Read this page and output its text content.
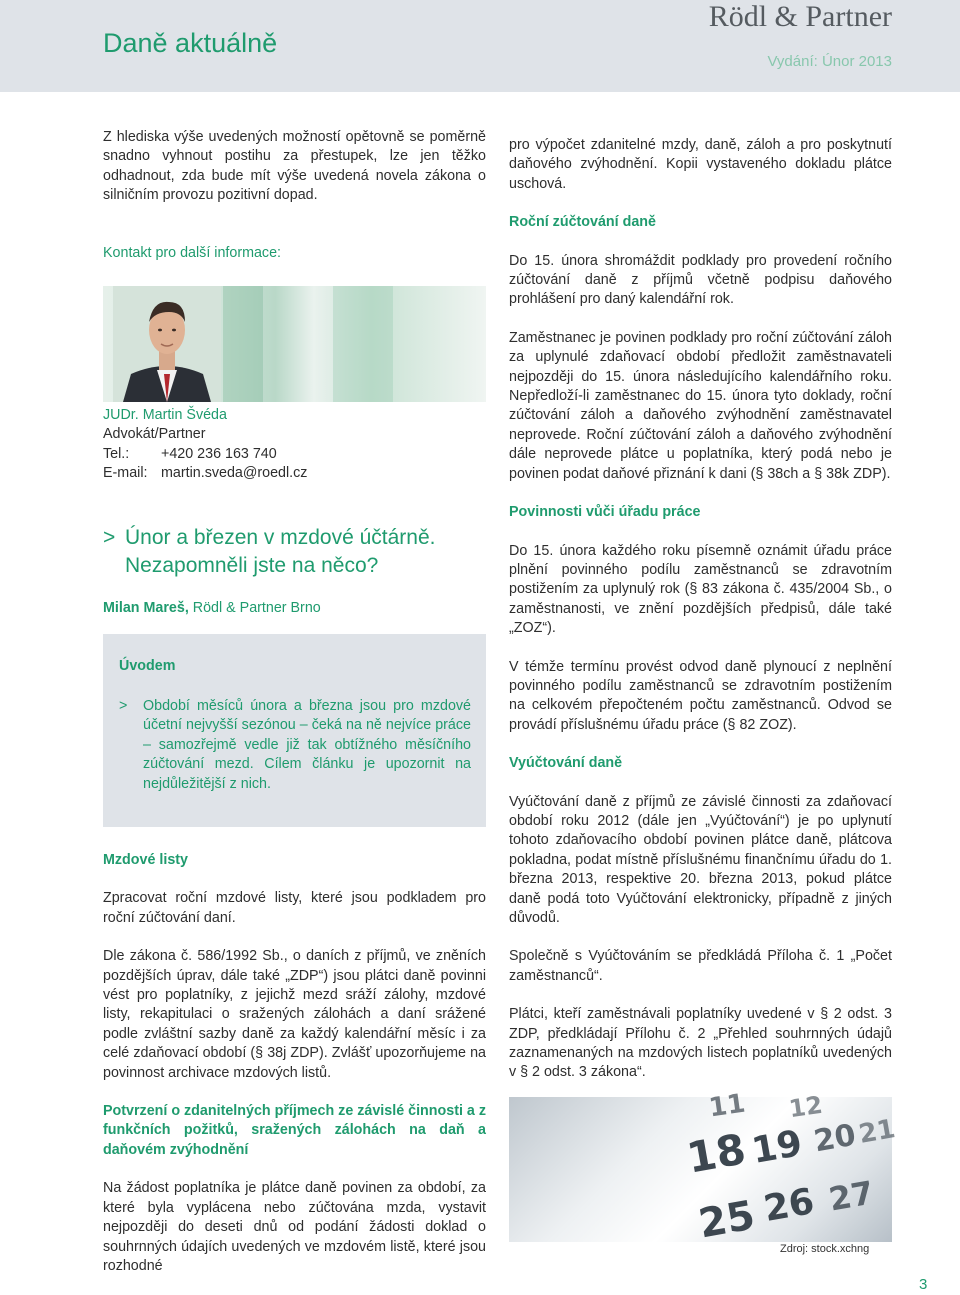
Daně aktuálně
Rödl & Partner
Vydání: Únor 2013

Z hlediska výše uvedených možností opětovně se poměrně snadno vyhnout postihu za přestupek, lze jen těžko odhadnout, zda bude mít výše uvedená novela zákona o silničním provozu pozitivní dopad.

Kontakt pro další informace:

JUDr. Martin Švéda
Advokát/Partner
Tel.: +420 236 163 740
E-mail: martin.sveda@roedl.cz
> Únor a březen v mzdové účtárně.
Nezapomněli jste na něco?
Milan Mareš, Rödl & Partner Brno
Úvodem
>	Období měsíců února a března jsou pro mzdové účetní nejvyšší sezónou – čeká na ně nejvíce práce – samozřejmě vedle již tak obtížného měsíčního zúčtování mezd. Cílem článku je upozornit na nejdůležitější z nich.

Mzdové listy

Zpracovat roční mzdové listy, které jsou podkladem pro roční zúčtování daní.

Dle zákona č. 586/1992 Sb., o daních z příjmů, ve zněních pozdějších úprav, dále také „ZDP“) jsou plátci daně povinni vést pro poplatníky, z jejichž mezd sráží zálohy, mzdové listy, rekapitulaci o sražených zálohách a daní srážené podle zvláštní sazby daně za každý kalendářní měsíc i za celé zdaňovací období (§ 38j ZDP). Zvlášť upozorňujeme na povinnost archivace mzdových listů.

Potvrzení o zdanitelných příjmech ze závislé činnosti a z funkčních požitků, sražených zálohách na daň a daňovém zvýhodnění

Na žádost poplatníka je plátce daně povinen za období, za které byla vyplácena nebo zúčtována mzda, vystavit nejpozději do deseti dnů od podání žádosti doklad o souhrnných údajích uvedených ve mzdovém listě, které jsou rozhodné

pro výpočet zdanitelné mzdy, daně, záloh a pro poskytnutí daňového zvýhodnění. Kopii vystaveného dokladu plátce uschová.

Roční zúčtování daně

Do 15. února shromáždit podklady pro provedení ročního zúčtování daně z příjmů včetně podpisu daňového prohlášení pro daný kalendářní rok.

Zaměstnanec je povinen podklady pro roční zúčtování záloh za uplynulé zdaňovací období předložit zaměstnavateli nejpozději do 15. února následujícího kalendářního roku. Nepředloží-li zaměstnanec do 15. února tyto doklady, roční zúčtování záloh a daňového zvýhodnění zaměstnavatel neprovede. Roční zúčtování záloh a daňového zvýhodnění dále neprovede plátce u poplatníka, který podá nebo je povinen podat daňové přiznání k dani (§ 38ch a § 38k ZDP).

Povinnosti vůči úřadu práce

Do 15. února každého roku písemně oznámit úřadu práce plnění povinného podílu zaměstnanců se zdravotním postižením za uplynulý rok (§ 83 zákona č. 435/2004 Sb., o zaměstnanosti, ve znění pozdějších předpisů, dále také „ZOZ“).

V témže termínu provést odvod daně plynoucí z neplnění povinného podílu zaměstnanců se zdravotním postižením na celkovém přepočteném počtu zaměstnanců. Odvod se provádí příslušnému úřadu práce (§ 82 ZOZ).

Vyúčtování daně

Vyúčtování daně z příjmů ze závislé činnosti za zdaňovací období roku 2012 (dále jen „Vyúčtování“) je po uplynutí tohoto zdaňovacího období povinen plátce daně, plátcova pokladna, podat místně příslušnému finančnímu úřadu do 1. března 2013, respektive 20. března 2013, pokud plátce daně podá toto Vyúčtování elektronicky, případně z jiných důvodů.

Společně s Vyúčtováním se předkládá Příloha č. 1 „Počet zaměstnanců“.

Plátci, kteří zaměstnávali poplatníky uvedené v § 2 odst. 3 ZDP, předkládají Přílohu č. 2 „Přehled souhrnných údajů zaznamenaných na mzdových listech poplatníků uvedených v § 2 odst. 3 zákona“.

11 12
18 19 20
21
25 26 27
Zdroj: stock.xchng
3
